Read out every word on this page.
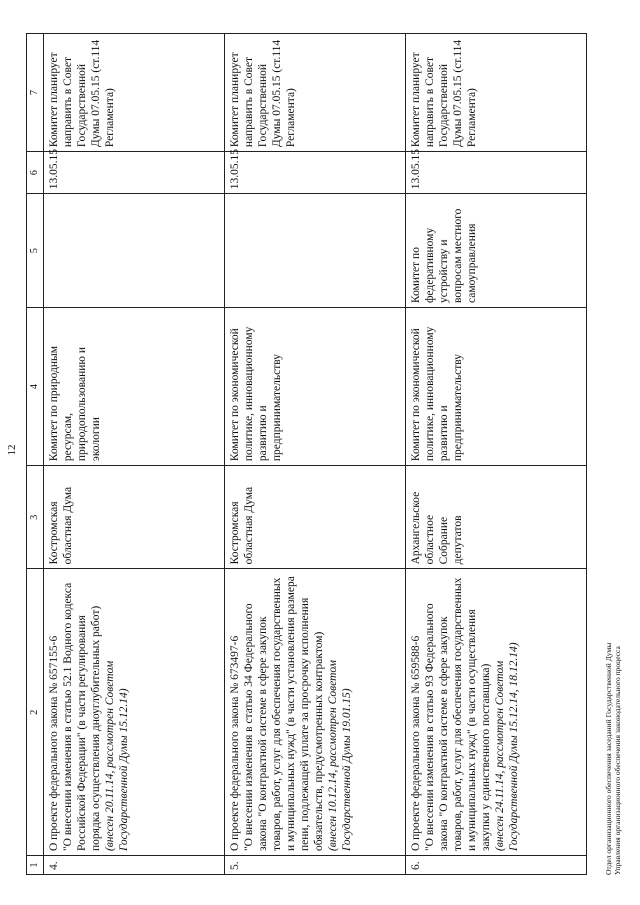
12
1	2	3	4	5	6	7
4.	О проекте федерального закона № 657155-6 "О внесении изменения в статью 52.1 Водного кодекса Российской Федерации" (в части регулирования порядка осуществления дноуглубительных работ) (внесен 20.11.14, рассмотрен Советом Государственной Думы 15.12.14)	Костромская областная Дума	Комитет по природным ресурсам, природопользованию и экологии		13.05.15	Комитет планирует направить в Совет Государственной Думы 07.05.15 (ст.114 Регламента)
5.	О проекте федерального закона № 673497-6 "О внесении изменения в статью 34 Федерального закона "О контрактной системе в сфере закупок товаров, работ, услуг для обеспечения государственных и муниципальных нужд" (в части установления размера пени, подлежащей уплате за просрочку исполнения обязательств, предусмотренных контрактом) (внесен 10.12.14, рассмотрен Советом Государственной Думы 19.01.15)	Костромская областная Дума	Комитет по экономической политике, инновационному развитию и предпринимательству		13.05.15	Комитет планирует направить в Совет Государственной Думы 07.05.15 (ст.114 Регламента)
6.	О проекте федерального закона № 659588-6 "О внесении изменения в статью 93 Федерального закона "О контрактной системе в сфере закупок товаров, работ, услуг для обеспечения государственных и муниципальных нужд" (в части осуществления закупки у единственного поставщика) (внесен 24.11.14, рассмотрен Советом Государственной Думы 15.12.14, 18.12.14)	Архангельское областное Собрание депутатов	Комитет по экономической политике, инновационному развитию и предпринимательству	Комитет по федеративному устройству и вопросам местного самоуправления	13.05.15	Комитет планирует направить в Совет Государственной Думы 07.05.15 (ст.114 Регламента)
Отдел организационного обеспечения заседаний Государственной Думы Управления организационного обеспечения законодательного процесса
